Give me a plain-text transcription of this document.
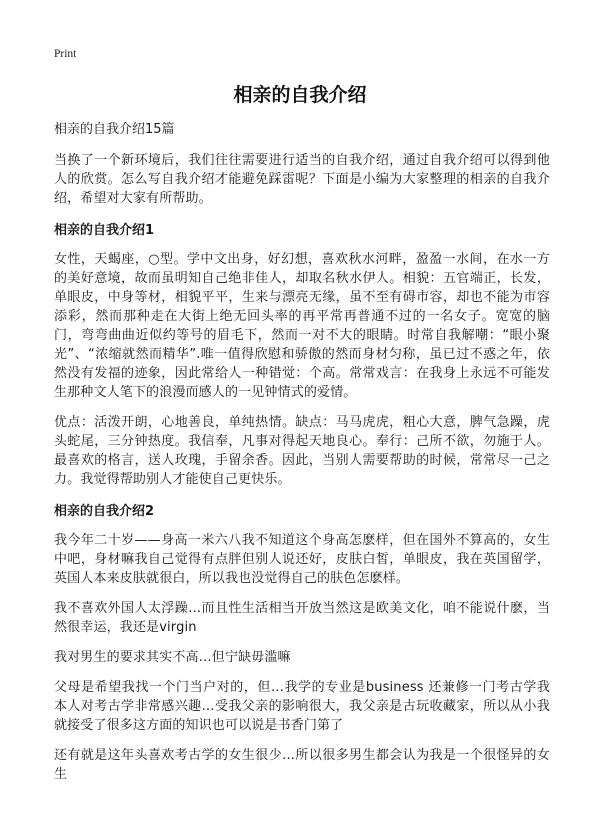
Print
相亲的自我介绍
相亲的自我介绍15篇

当换了一个新环境后，我们往往需要进行适当的自我介绍，通过自我介绍可以得到他人的欣赏。怎么写自我介绍才能避免踩雷呢？下面是小编为大家整理的相亲的自我介绍，希望对大家有所帮助。

相亲的自我介绍1

女性，天蝎座，○型。学中文出身，好幻想，喜欢秋水河畔，盈盈一水间，在水一方的美好意境，故而虽明知自己绝非佳人，却取名秋水伊人。相貌：五官端正，长发，单眼皮，中身等材，相貌平平，生来与漂亮无缘，虽不至有碍市容，却也不能为市容添彩，然而那种走在大街上绝无回头率的再平常再普通不过的一名女子。宽宽的脑门，弯弯曲曲近似约等号的眉毛下，然而一对不大的眼睛。时常自我解嘲：“眼小聚光”、“浓缩就然而精华”.唯一值得欣慰和骄傲的然而身材匀称，虽已过不惑之年，依然没有发福的迹象，因此常给人一种错觉：个高。常常戏言：在我身上永远不可能发生那种文人笔下的浪漫而感人的一见钟情式的爱情。

优点：活泼开朗，心地善良，单纯热情。缺点：马马虎虎，粗心大意，脾气急躁，虎头蛇尾，三分钟热度。我信奉，凡事对得起天地良心。奉行：己所不欲，勿施于人。最喜欢的格言，送人玫瑰，手留余香。因此，当别人需要帮助的时候，常常尽一己之力。我觉得帮助别人才能使自己更快乐。

相亲的自我介绍2

我今年二十岁——身高一米六八我不知道这个身高怎麽样，但在国外不算高的，女生中吧，身材嘛我自己觉得有点胖但别人说还好，皮肤白皙，单眼皮，我在英国留学，英国人本来皮肤就很白，所以我也没觉得自己的肤色怎麽样。

我不喜欢外国人太浮躁…而且性生活相当开放当然这是欧美文化，咱不能说什麽，当然很幸运，我还是virgin

我对男生的要求其实不高…但宁缺毋滥嘛

父母是希望我找一个门当户对的，但…我学的专业是business 还兼修一门考古学我本人对考古学非常感兴趣…受我父亲的影响很大，我父亲是古玩收藏家，所以从小我就接受了很多这方面的知识也可以说是书香门第了

还有就是这年头喜欢考古学的女生很少…所以很多男生都会认为我是一个很怪异的女生
